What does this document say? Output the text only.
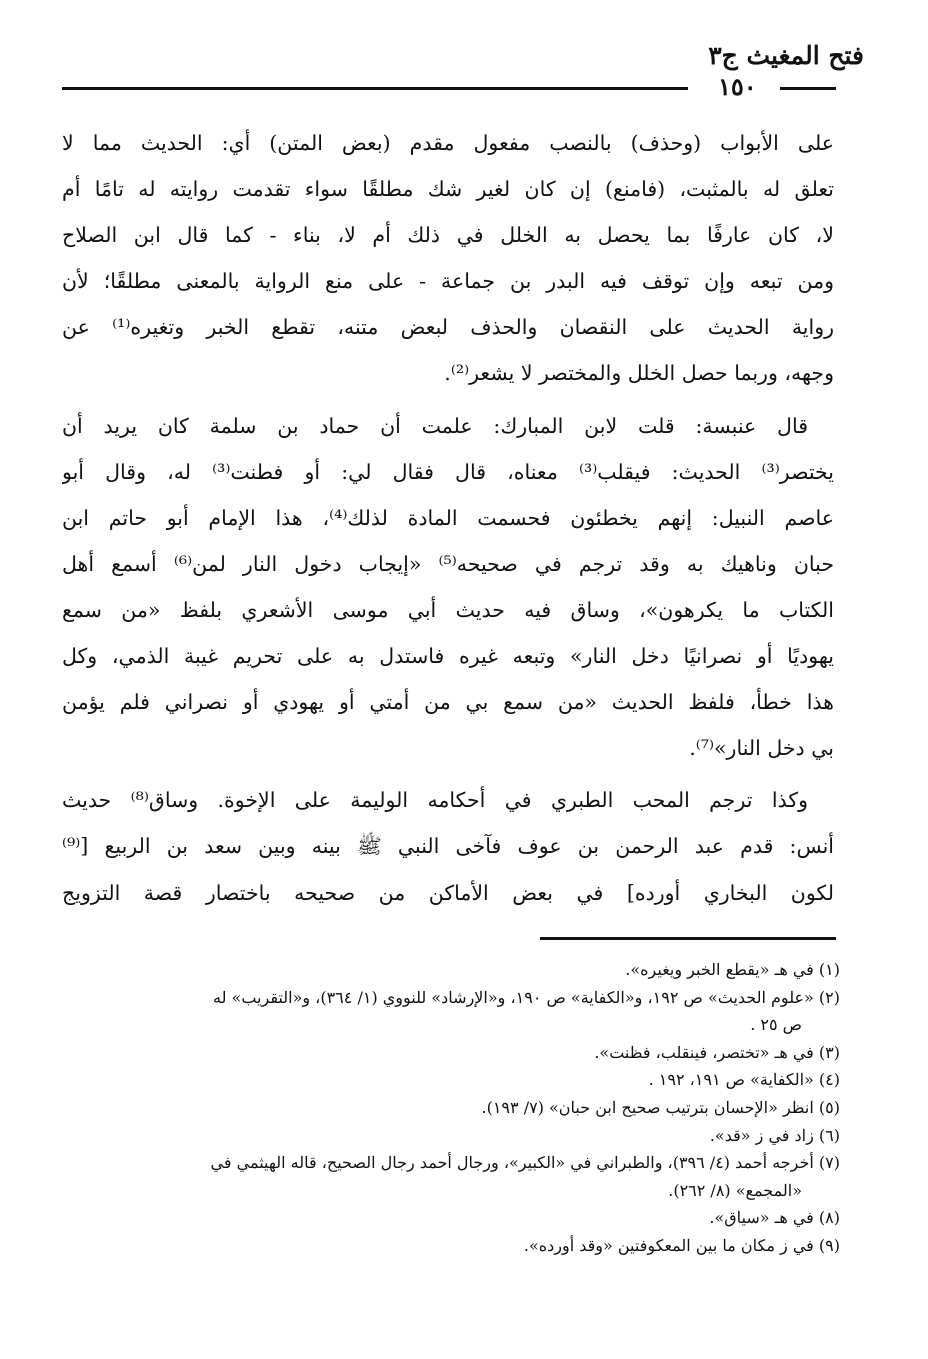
فتح المغيث ج٣
١٥٠
على الأبواب (وحذف) بالنصب مفعول مقدم (بعض المتن) أي: الحديث مما لا
تعلق له بالمثبت، (فامنع) إن كان لغير شك مطلقًا سواء تقدمت روايته له تامًا أم
لا، كان عارفًا بما يحصل به الخلل في ذلك أم لا، بناء - كما قال ابن الصلاح
ومن تبعه وإن توقف فيه البدر بن جماعة - على منع الرواية بالمعنى مطلقًا؛ لأن
رواية الحديث على النقصان والحذف لبعض متنه، تقطع الخبر وتغيره⁽¹⁾ عن
وجهه، وربما حصل الخلل والمختصر لا يشعر⁽²⁾.
قال عنبسة: قلت لابن المبارك: علمت أن حماد بن سلمة كان يريد أن
يختصر⁽³⁾ الحديث: فيقلب⁽³⁾ معناه، قال فقال لي: أو فطنت⁽³⁾ له، وقال أبو
عاصم النبيل: إنهم يخطئون فحسمت المادة لذلك⁽⁴⁾، هذا الإمام أبو حاتم ابن
حبان وناهيك به وقد ترجم في صحيحه⁽⁵⁾ «إيجاب دخول النار لمن⁽⁶⁾ أسمع أهل
الكتاب ما يكرهون»، وساق فيه حديث أبي موسى الأشعري بلفظ «من سمع
يهوديًا أو نصرانيًا دخل النار» وتبعه غيره فاستدل به على تحريم غيبة الذمي، وكل
هذا خطأ، فلفظ الحديث «من سمع بي من أمتي أو يهودي أو نصراني فلم يؤمن
بي دخل النار»⁽⁷⁾.
وكذا ترجم المحب الطبري في أحكامه الوليمة على الإخوة. وساق⁽⁸⁾ حديث
أنس: قدم عبد الرحمن بن عوف فآخى النبي ﷺ بينه وبين سعد بن الربيع [⁽⁹⁾
لكون البخاري أورده] في بعض الأماكن من صحيحه باختصار قصة التزويج
(١) في هـ «يقطع الخبر ويغيره».
(٢) «علوم الحديث» ص ١٩٢، و«الكفاية» ص ١٩٠، و«الإرشاد» للنووي (١/ ٣٦٤)، و«التقريب» له
ص ٢٥ .
(٣) في هـ «تختصر، فينقلب، فظنت».
(٤) «الكفاية» ص ١٩١، ١٩٢ .
(٥) انظر «الإحسان بترتيب صحيح ابن حبان» (٧/ ١٩٣).
(٦) زاد في ز «قد».
(٧) أخرجه أحمد (٤/ ٣٩٦)، والطبراني في «الكبير»، ورجال أحمد رجال الصحيح، قاله الهيثمي في
«المجمع» (٨/ ٢٦٢).
(٨) في هـ «سياق».
(٩) في ز مكان ما بين المعكوفتين «وقد أورده».
